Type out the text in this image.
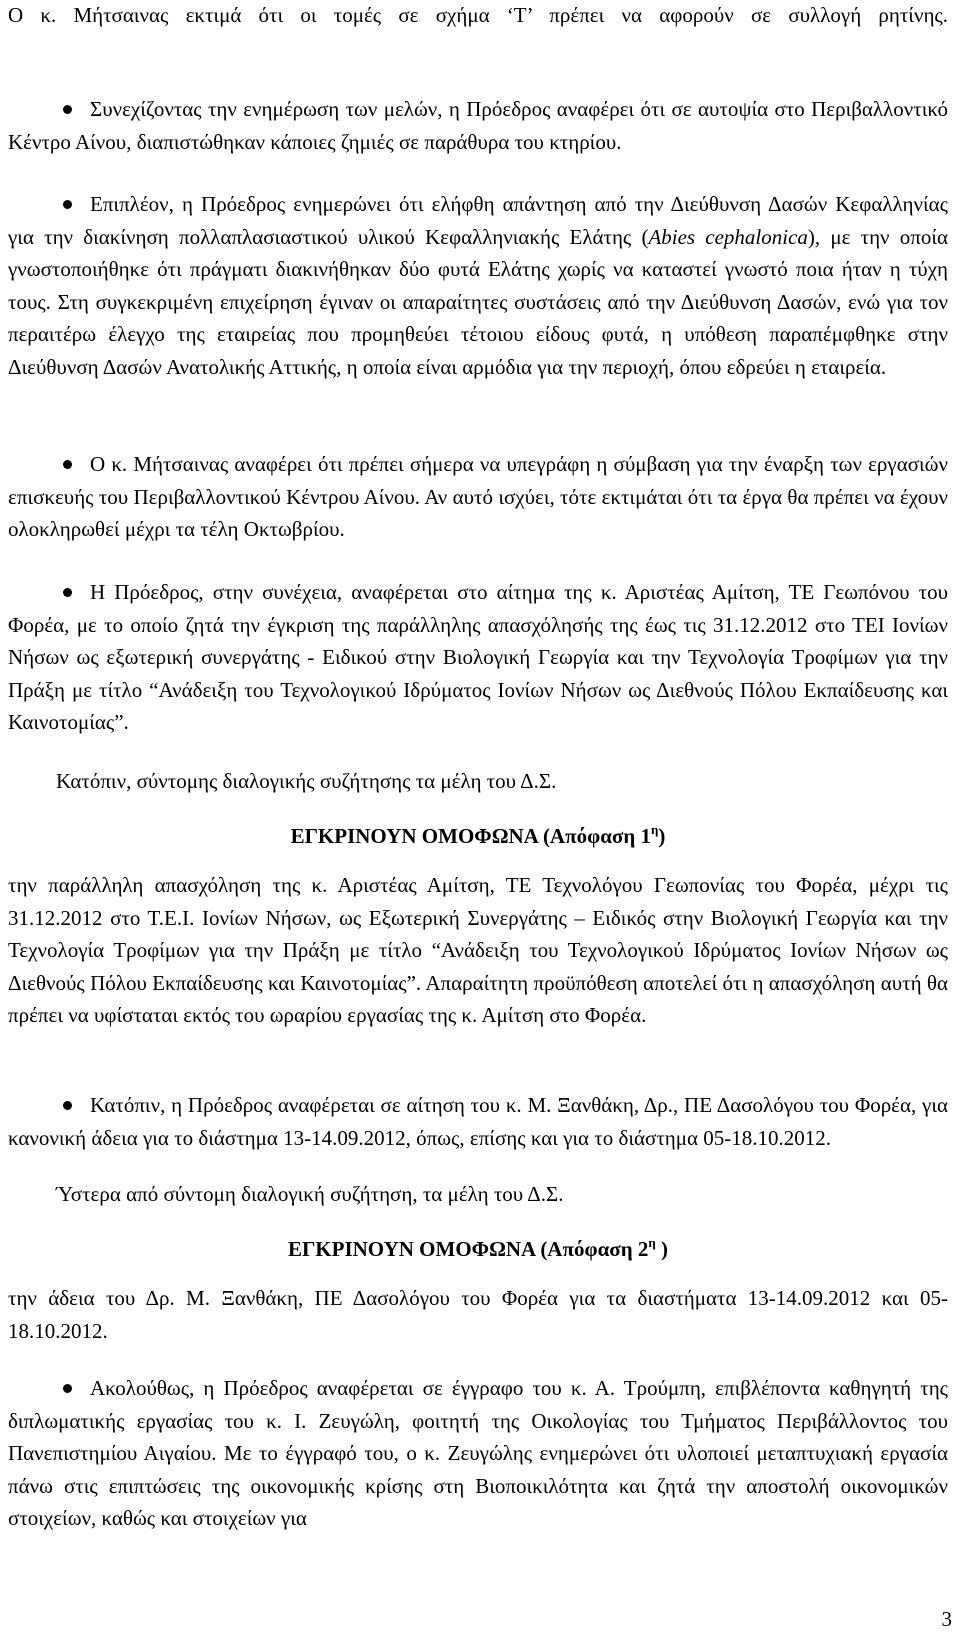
Ο κ. Μήτσαινας εκτιμά ότι οι τομές σε σχήμα ‘Τ’ πρέπει να αφορούν σε συλλογή ρητίνης.

Συνεχίζοντας την ενημέρωση των μελών, η Πρόεδρος αναφέρει ότι σε αυτοψία στο Περιβαλλοντικό Κέντρο Αίνου, διαπιστώθηκαν κάποιες ζημιές σε παράθυρα του κτηρίου.

Επιπλέον, η Πρόεδρος ενημερώνει ότι ελήφθη απάντηση από την Διεύθυνση Δασών Κεφαλληνίας για την διακίνηση πολλαπλασιαστικού υλικού Κεφαλληνιακής Ελάτης (Abies cephalonica), με την οποία γνωστοποιήθηκε ότι πράγματι διακινήθηκαν δύο φυτά Ελάτης χωρίς να καταστεί γνωστό ποια ήταν η τύχη τους. Στη συγκεκριμένη επιχείρηση έγιναν οι απαραίτητες συστάσεις από την Διεύθυνση Δασών, ενώ για τον περαιτέρω έλεγχο της εταιρείας που προμηθεύει τέτοιου είδους φυτά, η υπόθεση παραπέμφθηκε στην Διεύθυνση Δασών Ανατολικής Αττικής, η οποία είναι αρμόδια για την περιοχή, όπου εδρεύει η εταιρεία.

Ο κ. Μήτσαινας αναφέρει ότι πρέπει σήμερα να υπεγράφη η σύμβαση για την έναρξη των εργασιών επισκευής του Περιβαλλοντικού Κέντρου Αίνου. Αν αυτό ισχύει, τότε εκτιμάται ότι τα έργα θα πρέπει να έχουν ολοκληρωθεί μέχρι τα τέλη Οκτωβρίου.

Η Πρόεδρος, στην συνέχεια, αναφέρεται στο αίτημα της κ. Αριστέας Αμίτση, ΤΕ Γεωπόνου του Φορέα, με το οποίο ζητά την έγκριση της παράλληλης απασχόλησής της έως τις 31.12.2012 στο ΤΕΙ Ιονίων Νήσων ως εξωτερική συνεργάτης - Ειδικού στην Βιολογική Γεωργία και την Τεχνολογία Τροφίμων για την Πράξη με τίτλο “Ανάδειξη του Τεχνολογικού Ιδρύματος Ιονίων Νήσων ως Διεθνούς Πόλου Εκπαίδευσης και Καινοτομίας”.

Κατόπιν, σύντομης διαλογικής συζήτησης τα μέλη του Δ.Σ.

ΕΓΚΡΙΝΟΥΝ ΟΜΟΦΩΝΑ (Απόφαση $1^\eta$)

την παράλληλη απασχόληση της κ. Αριστέας Αμίτση, ΤΕ Τεχνολόγου Γεωπονίας του Φορέα, μέχρι τις 31.12.2012 στο Τ.Ε.Ι. Ιονίων Νήσων, ως Εξωτερική Συνεργάτης – Ειδικός στην Βιολογική Γεωργία και την Τεχνολογία Τροφίμων για την Πράξη με τίτλο “Ανάδειξη του Τεχνολογικού Ιδρύματος Ιονίων Νήσων ως Διεθνούς Πόλου Εκπαίδευσης και Καινοτομίας”. Απαραίτητη προϋπόθεση αποτελεί ότι η απασχόληση αυτή θα πρέπει να υφίσταται εκτός του ωραρίου εργασίας της κ. Αμίτση στο Φορέα.

Κατόπιν, η Πρόεδρος αναφέρεται σε αίτηση του κ. Μ. Ξανθάκη, Δρ., ΠΕ Δασολόγου του Φορέα, για κανονική άδεια για το διάστημα 13-14.09.2012, όπως, επίσης και για το διάστημα 05-18.10.2012.

Ύστερα από σύντομη διαλογική συζήτηση, τα μέλη του Δ.Σ.

ΕΓΚΡΙΝΟΥΝ ΟΜΟΦΩΝΑ (Απόφαση $2^\eta$ )

την άδεια του Δρ. Μ. Ξανθάκη, ΠΕ Δασολόγου του Φορέα για τα διαστήματα 13-14.09.2012 και 05-18.10.2012.

Ακολούθως, η Πρόεδρος αναφέρεται σε έγγραφο του κ. Α. Τρούμπη, επιβλέποντα καθηγητή της διπλωματικής εργασίας του κ. Ι. Ζευγώλη, φοιτητή της Οικολογίας του Τμήματος Περιβάλλοντος του Πανεπιστημίου Αιγαίου. Με το έγγραφό του, ο κ. Ζευγώλης ενημερώνει ότι υλοποιεί μεταπτυχιακή εργασία πάνω στις επιπτώσεις της οικονομικής κρίσης στη Βιοποικιλότητα και ζητά την αποστολή οικονομικών στοιχείων, καθώς και στοιχείων για

3
